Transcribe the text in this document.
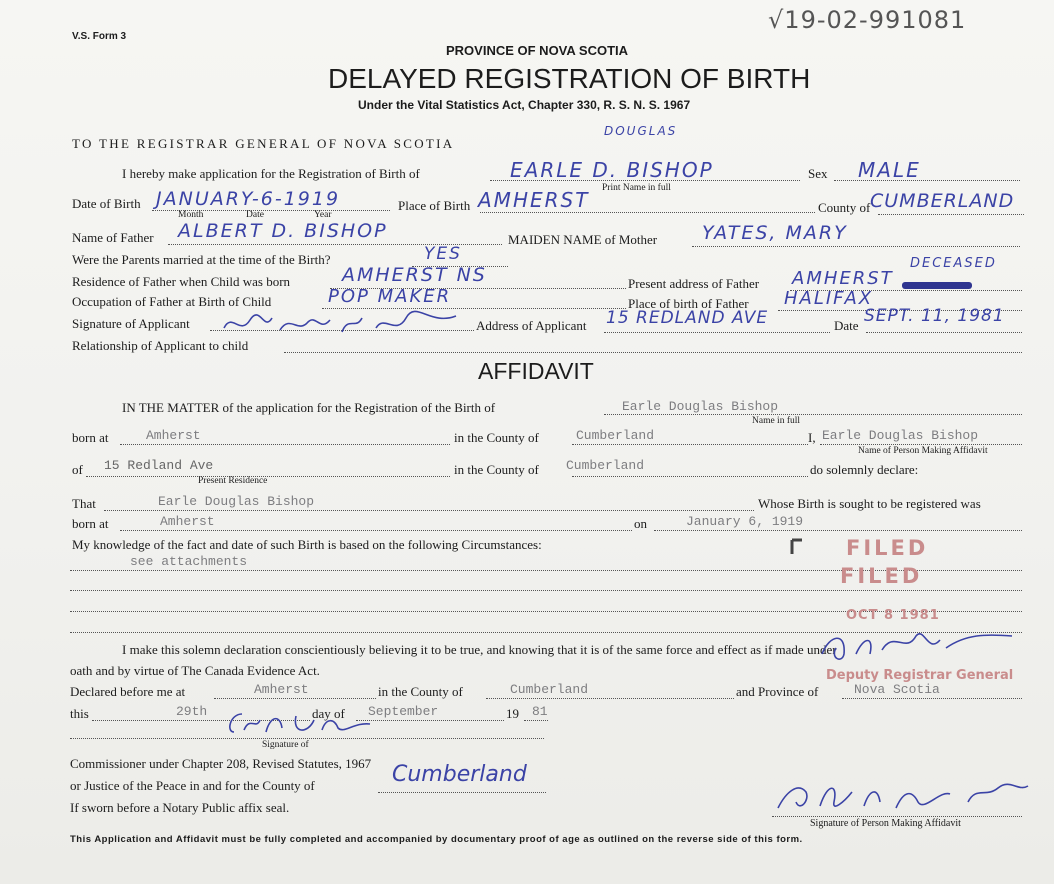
V.S. Form 3
√19-02-991081
PROVINCE OF NOVA SCOTIA
DELAYED REGISTRATION OF BIRTH
Under the Vital Statistics Act, Chapter 330, R. S. N. S. 1967
TO THE REGISTRAR GENERAL OF NOVA SCOTIA
DOUGLAS
I hereby make application for the Registration of Birth of	EARLE D. BISHOP
Print Name in full
Sex MALE
Date of Birth JANUARY-6-1919
Month	Date	Year
Place of Birth AMHERST	County of CUMBERLAND
Name of Father ALBERT D. BISHOP	MAIDEN NAME of Mother YATES, MARY
Were the Parents married at the time of the Birth?	YES
Residence of Father when Child was born	AMHERST NS	Present address of Father AMHERST
DECEASED
Occupation of Father at Birth of Child	POP MAKER	Place of birth of Father HALIFAX
Signature of Applicant	Address of Applicant 15 REDLAND AVE	Date SEPT. 11, 1981
Relationship of Applicant to child
AFFIDAVIT
IN THE MATTER of the application for the Registration of the Birth of	Earle Douglas Bishop
Name in full
born at	Amherst	in the County of	Cumberland	I, Earle Douglas Bishop
Name of Person Making Affidavit
of 15 Redland Ave
Present Residence
in the County of Cumberland	do solemnly declare:
That	Earle Douglas Bishop	Whose Birth is sought to be registered was
born at	Amherst	on	January 6, 1919
My knowledge of the fact and date of such Birth is based on the following Circumstances:
see attachments
FILED
FILED
OCT 8 1981
Deputy Registrar General
I make this solemn declaration conscientiously believing it to be true, and knowing that it is of the same force and effect as if made under
oath and by virtue of The Canada Evidence Act.
Declared before me at	Amherst	in the County of	Cumberland	and Province of	Nova Scotia
this	29th	day of September	19 81
Signature of
Commissioner under Chapter 208, Revised Statutes, 1967
or Justice of the Peace in and for the County of	Cumberland
If sworn before a Notary Public affix seal.
Signature of Person Making Affidavit
This Application and Affidavit must be fully completed and accompanied by documentary proof of age as outlined on the reverse side of this form.
